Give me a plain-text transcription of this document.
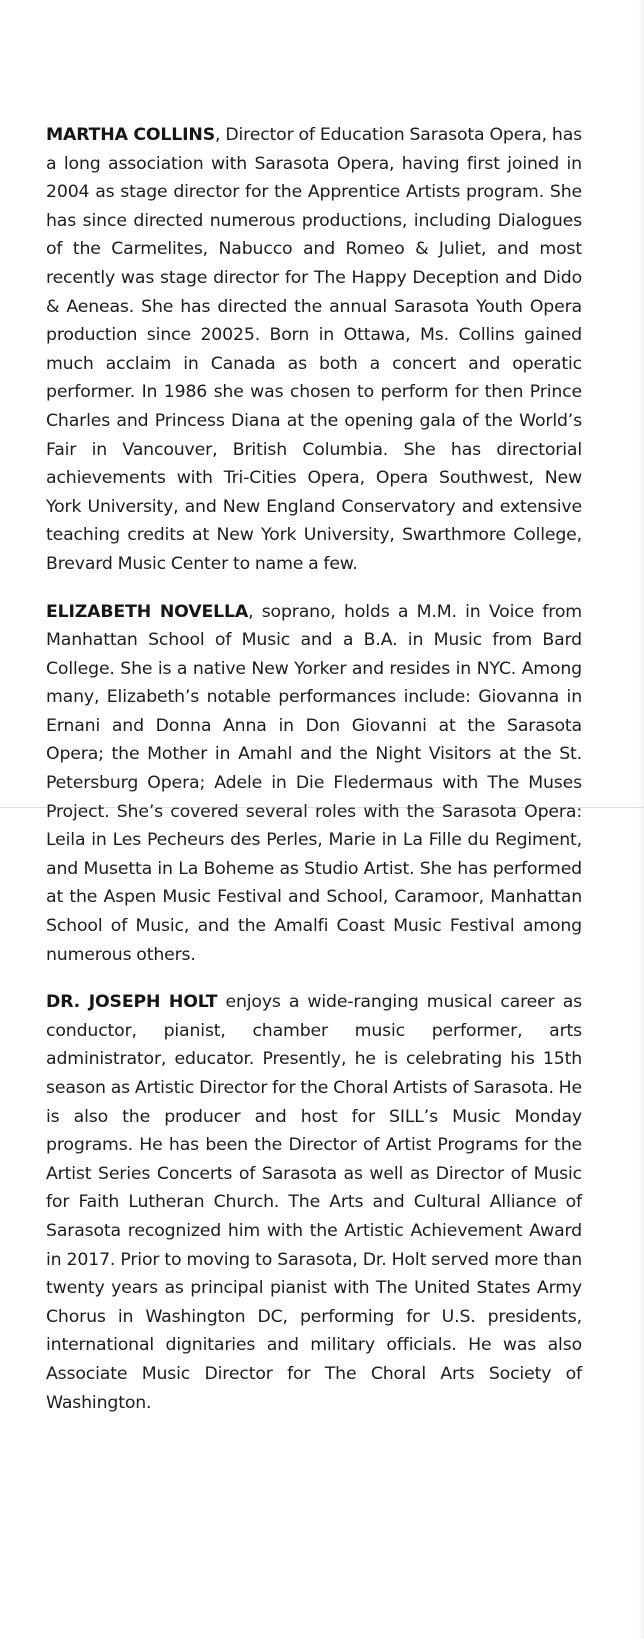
MARTHA COLLINS, Director of Education Sarasota Opera, has a long association with Sarasota Opera, having first joined in 2004 as stage director for the Apprentice Artists program. She has since directed numerous productions, including Dialogues of the Carmelites, Nabucco and Romeo & Juliet, and most recently was stage director for The Happy Deception and Dido & Aeneas. She has directed the annual Sarasota Youth Opera production since 20025. Born in Ottawa, Ms. Collins gained much acclaim in Canada as both a concert and operatic performer. In 1986 she was chosen to perform for then Prince Charles and Princess Diana at the opening gala of the World’s Fair in Vancouver, British Columbia. She has directorial achievements with Tri-Cities Opera, Opera Southwest, New York University, and New England Conservatory and extensive teaching credits at New York University, Swarthmore College, Brevard Music Center to name a few.

ELIZABETH NOVELLA, soprano, holds a M.M. in Voice from Manhattan School of Music and a B.A. in Music from Bard College. She is a native New Yorker and resides in NYC. Among many, Elizabeth’s notable performances include: Giovanna in Ernani and Donna Anna in Don Giovanni at the Sarasota Opera; the Mother in Amahl and the Night Visitors at the St. Petersburg Opera; Adele in Die Fledermaus with The Muses Project. She’s covered several roles with the Sarasota Opera: Leila in Les Pecheurs des Perles, Marie in La Fille du Regiment, and Musetta in La Boheme as Studio Artist. She has performed at the Aspen Music Festival and School, Caramoor, Manhattan School of Music, and the Amalfi Coast Music Festival among numerous others.

DR. JOSEPH HOLT enjoys a wide-ranging musical career as conductor, pianist, chamber music performer, arts administrator, educator. Presently, he is celebrating his 15th season as Artistic Director for the Choral Artists of Sarasota. He is also the producer and host for SILL’s Music Monday programs. He has been the Director of Artist Programs for the Artist Series Concerts of Sarasota as well as Director of Music for Faith Lutheran Church. The Arts and Cultural Alliance of Sarasota recognized him with the Artistic Achievement Award in 2017. Prior to moving to Sarasota, Dr. Holt served more than twenty years as principal pianist with The United States Army Chorus in Washington DC, performing for U.S. presidents, international dignitaries and military officials. He was also Associate Music Director for The Choral Arts Society of Washington.
